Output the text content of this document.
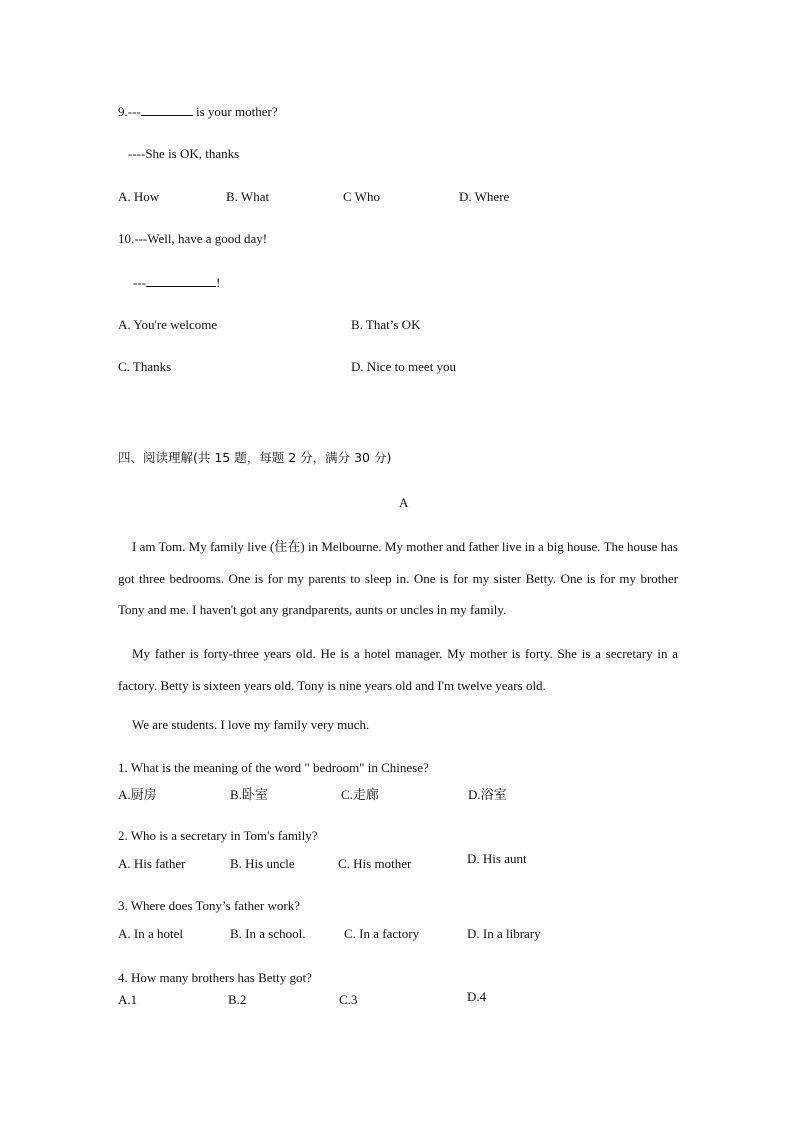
9.---	is your mother?
----She is OK, thanks
A. How	B. What	C Who	D. Where
10.---Well, have a good day!
---	!
A. You're welcome	B. That’s OK
C. Thanks	D. Nice to meet you
四、阅读理解(共 15 题，每题 2 分，满分 30 分)
A
I am Tom. My family live (住在) in Melbourne. My mother and father live in a big house. The house has got three bedrooms. One is for my parents to sleep in. One is for my sister Betty. One is for my brother Tony and me. I haven't got any grandparents, aunts or uncles in my family.
My father is forty-three years old. He is a hotel manager. My mother is forty. She is a secretary in a factory. Betty is sixteen years old. Tony is nine years old and I'm twelve years old.
We are students. I love my family very much.
1. What is the meaning of the word " bedroom" in Chinese?
A.厨房	B.卧室	C.走廊	D.浴室
2. Who is a secretary in Tom's family?
A. His father	B. His uncle	C. His mother	D. His aunt
3. Where does Tony’s father work?
A. In a hotel	B. In a school.	C. In a factory	D. In a library
4. How many brothers has Betty got?
A.1	B.2	C.3	D.4
